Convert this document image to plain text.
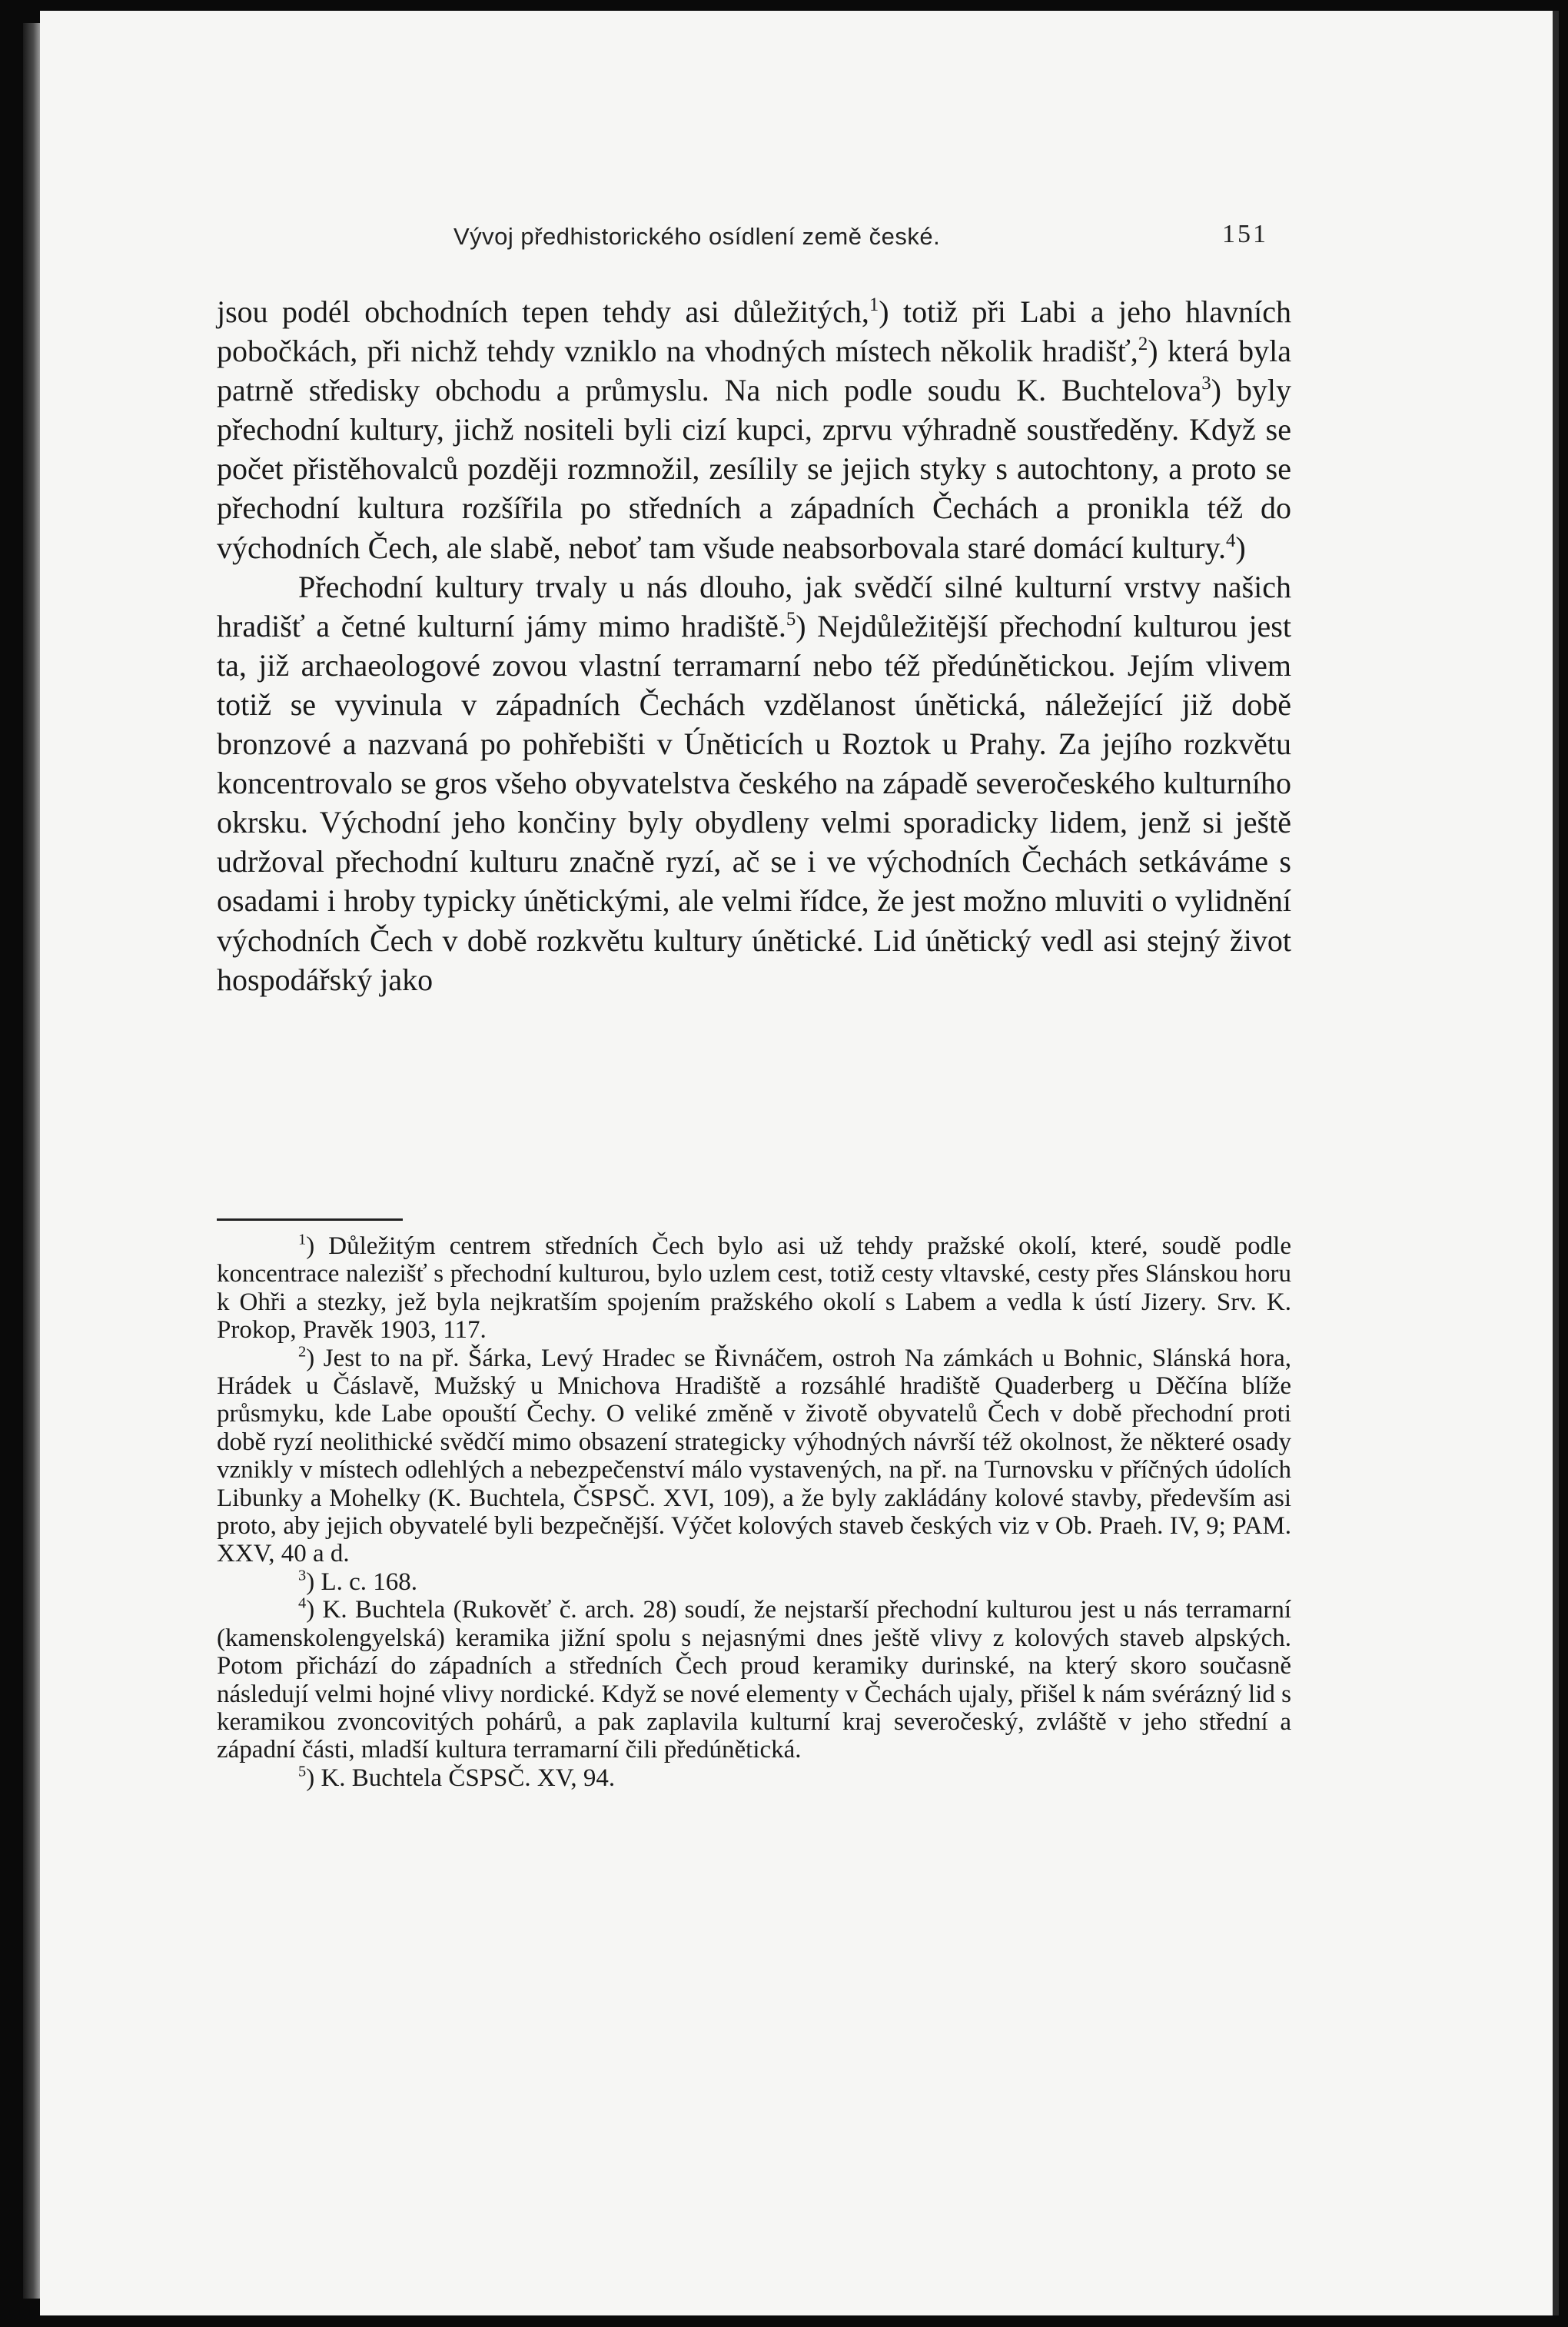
Vývoj předhistorického osídlení země české.	151

jsou podél obchodních tepen tehdy asi důležitých,$^1$) totiž při Labi a jeho hlavních pobočkách, při nichž tehdy vzniklo na vhodných místech několik hradišť,$^2$) která byla patrně středisky obchodu a průmyslu. Na nich podle soudu K. Buchtelova$^3$) byly přechodní kultury, jichž nositeli byli cizí kupci, zprvu výhradně soustředěny. Když se počet přistěhovalců později rozmnožil, zesílily se jejich styky s autochtony, a proto se přechodní kultura rozšířila po středních a západních Čechách a pronikla též do východních Čech, ale slabě, neboť tam všude neabsorbovala staré domácí kultury.$^4$)

Přechodní kultury trvaly u nás dlouho, jak svědčí silné kulturní vrstvy našich hradišť a četné kulturní jámy mimo hradiště.$^5$) Nejdůležitější přechodní kulturou jest ta, již archaeologové zovou vlastní terramarní nebo též předúnětickou. Jejím vlivem totiž se vyvinula v západních Čechách vzdělanost únětická, náležející již době bronzové a nazvaná po pohřebišti v Úněticích u Roztok u Prahy. Za jejího rozkvětu koncentrovalo se gros všeho obyvatelstva českého na západě severočeského kulturního okrsku. Východní jeho končiny byly obydleny velmi sporadicky lidem, jenž si ještě udržoval přechodní kulturu značně ryzí, ač se i ve východních Čechách setkáváme s osadami i hroby typicky únětickými, ale velmi řídce, že jest možno mluviti o vylidnění východních Čech v době rozkvětu kultury únětické. Lid únětický vedl asi stejný život hospodářský jako

$^1$) Důležitým centrem středních Čech bylo asi už tehdy pražské okolí, které, soudě podle koncentrace nalezišť s přechodní kulturou, bylo uzlem cest, totiž cesty vltavské, cesty přes Slánskou horu k Ohři a stezky, jež byla nejkratším spojením pražského okolí s Labem a vedla k ústí Jizery. Srv. K. Prokop, Pravěk 1903, 117.

$^2$) Jest to na př. Šárka, Levý Hradec se Řivnáčem, ostroh Na zámkách u Bohnic, Slánská hora, Hrádek u Čáslavě, Mužský u Mnichova Hradiště a rozsáhlé hradiště Quaderberg u Děčína blíže průsmyku, kde Labe opouští Čechy. O veliké změně v životě obyvatelů Čech v době přechodní proti době ryzí neolithické svědčí mimo obsazení strategicky výhodných návrší též okolnost, že některé osady vznikly v místech odlehlých a nebezpečenství málo vystavených, na př. na Turnovsku v příčných údolích Libunky a Mohelky (K. Buchtela, ČSPSČ. XVI, 109), a že byly zakládány kolové stavby, především asi proto, aby jejich obyvatelé byli bezpečnější. Výčet kolových staveb českých viz v Ob. Praeh. IV, 9; PAM. XXV, 40 a d.

$^3$) L. c. 168.

$^4$) K. Buchtela (Rukověť č. arch. 28) soudí, že nejstarší přechodní kulturou jest u nás terramarní (kamenskolengyelská) keramika jižní spolu s nejasnými dnes ještě vlivy z kolových staveb alpských. Potom přichází do západních a středních Čech proud keramiky durinské, na který skoro současně následují velmi hojné vlivy nordické. Když se nové elementy v Čechách ujaly, přišel k nám svérázný lid s keramikou zvoncovitých pohárů, a pak zaplavila kulturní kraj severočeský, zvláště v jeho střední a západní části, mladší kultura terramarní čili předúnětická.

$^5$) K. Buchtela ČSPSČ. XV, 94.
